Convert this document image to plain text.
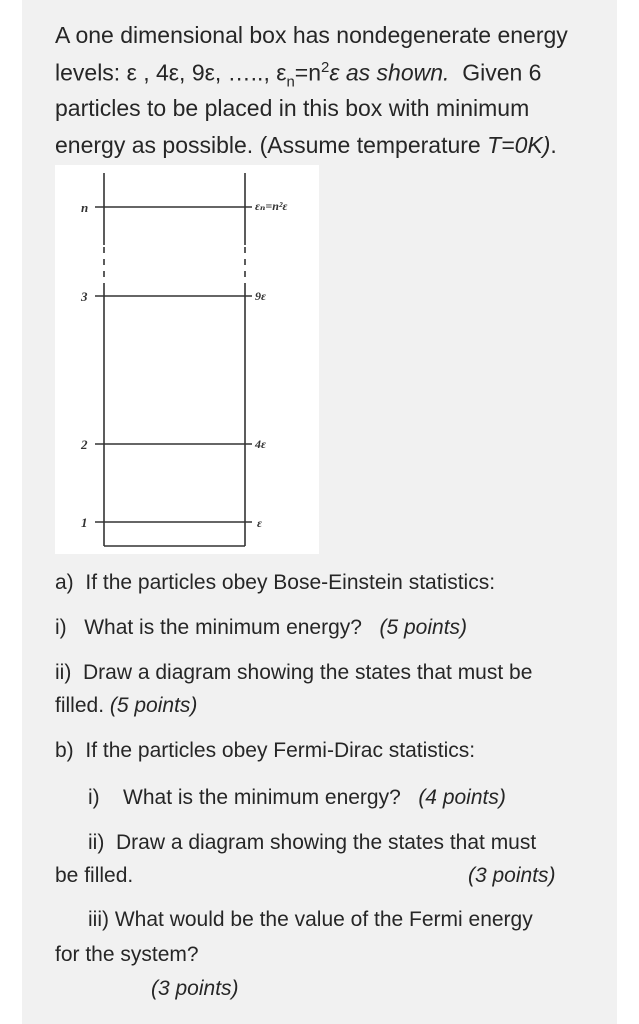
A one dimensional box has nondegenerate energy
levels: ε , 4ε, 9ε, ….., $\varepsilon_n=n^2\varepsilon$ as shown. Given 6
particles to be placed in this box with minimum
energy as possible. (Assume temperature T=0K).
n
3
2
1
εₙ=n²ε
9ε
4ε
ε
a) If the particles obey Bose-Einstein statistics:
i) What is the minimum energy? (5 points)
ii) Draw a diagram showing the states that must be
filled. (5 points)
b) If the particles obey Fermi-Dirac statistics:
i) What is the minimum energy? (4 points)
ii) Draw a diagram showing the states that must
be filled.	(3 points)
iii) What would be the value of the Fermi energy
for the system?
(3 points)
